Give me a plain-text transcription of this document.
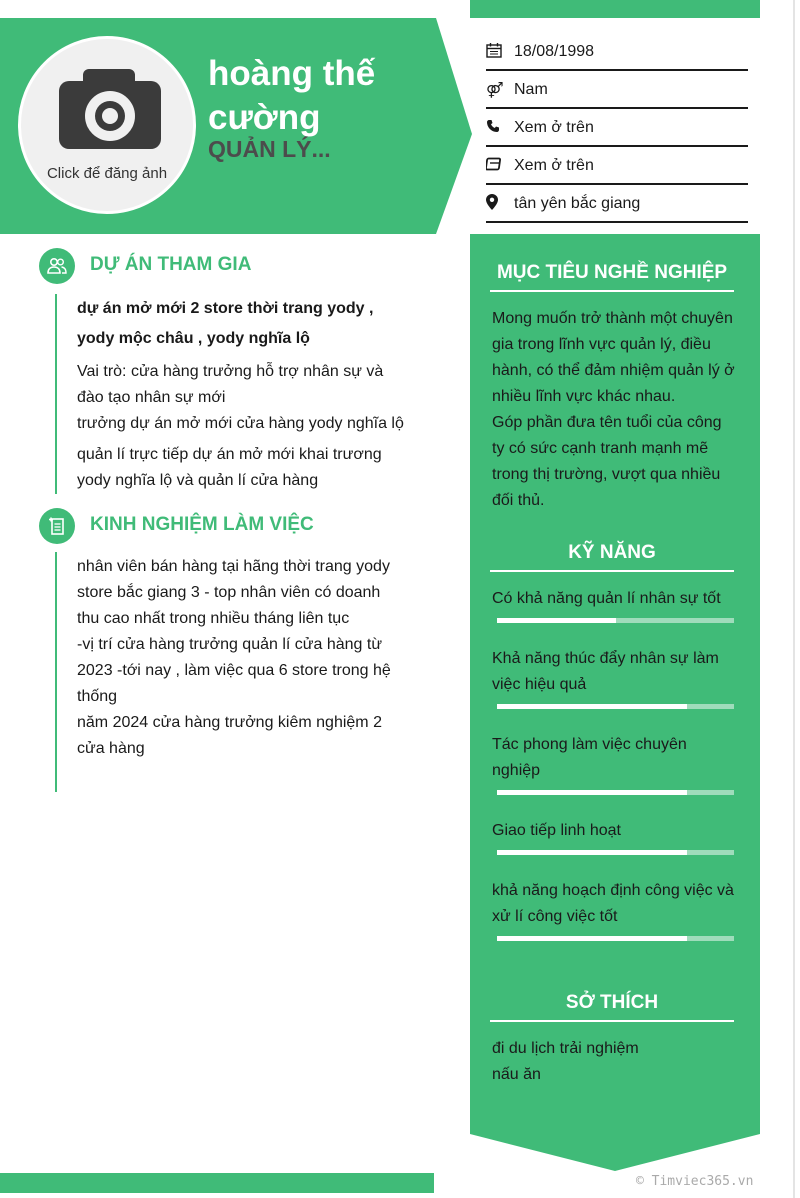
Click để đăng ảnh
hoàng thế cường
QUẢN LÝ...
18/08/1998
⚤ Nam
Xem ở trên
Xem ở trên
tân yên bắc giang
DỰ ÁN THAM GIA
dự án mở mới 2 store thời trang yody ,
yody mộc châu , yody nghĩa lộ
Vai trò: cửa hàng trưởng hỗ trợ nhân sự và
đào tạo nhân sự mới
trưởng dự án mở mới cửa hàng yody nghĩa lộ
quản lí trực tiếp dự án mở mới khai trương
yody nghĩa lộ và quản lí cửa hàng
KINH NGHIỆM LÀM VIỆC
nhân viên bán hàng tại hãng thời trang yody
store bắc giang 3 - top nhân viên có doanh
thu cao nhất trong nhiều tháng liên tục
-vị trí cửa hàng trưởng quản lí cửa hàng từ
2023 -tới nay , làm việc qua 6 store trong hệ
thống
năm 2024 cửa hàng trưởng kiêm nghiệm 2
cửa hàng
MỤC TIÊU NGHỀ NGHIỆP
Mong muốn trở thành một chuyên
gia trong lĩnh vực quản lý, điều
hành, có thể đảm nhiệm quản lý ở
nhiều lĩnh vực khác nhau.
Góp phần đưa tên tuổi của công
ty có sức cạnh tranh mạnh mẽ
trong thị trường, vượt qua nhiều
đối thủ.
KỸ NĂNG
Có khả năng quản lí nhân sự tốt
Khả năng thúc đẩy nhân sự làm
việc hiệu quả
Tác phong làm việc chuyên
nghiệp
Giao tiếp linh hoạt
khả năng hoạch định công việc và
xử lí công việc tốt
SỞ THÍCH
đi du lịch trải nghiệm
nấu ăn
© Timviec365.vn
